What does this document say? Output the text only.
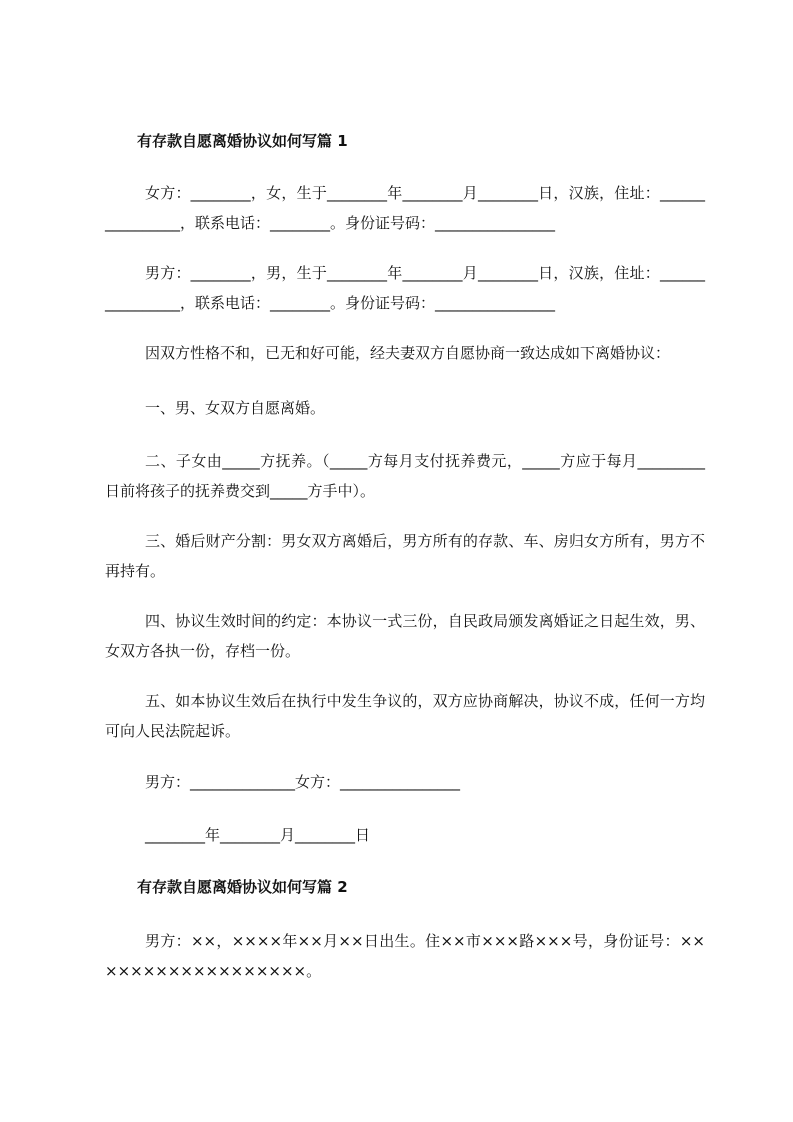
有存款自愿离婚协议如何写篇 1
女方：________，女，生于________年________月________日，汉族，住址：________________，联系电话：________。身份证号码：________________
男方：________，男，生于________年________月________日，汉族，住址：________________，联系电话：________。身份证号码：________________
因双方性格不和，已无和好可能，经夫妻双方自愿协商一致达成如下离婚协议：
一、男、女双方自愿离婚。
二、子女由_____方抚养。（_____方每月支付抚养费元，_____方应于每月_________日前将孩子的抚养费交到_____方手中）。
三、婚后财产分割：男女双方离婚后，男方所有的存款、车、房归女方所有，男方不再持有。
四、协议生效时间的约定：本协议一式三份，自民政局颁发离婚证之日起生效，男、女双方各执一份，存档一份。
五、如本协议生效后在执行中发生争议的，双方应协商解决，协议不成，任何一方均可向人民法院起诉。
男方：______________女方：________________
________年________月________日
有存款自愿离婚协议如何写篇 2
男方：××，××××年××月××日出生。住××市×××路×××号，身份证号：××××××××××××××××××。
